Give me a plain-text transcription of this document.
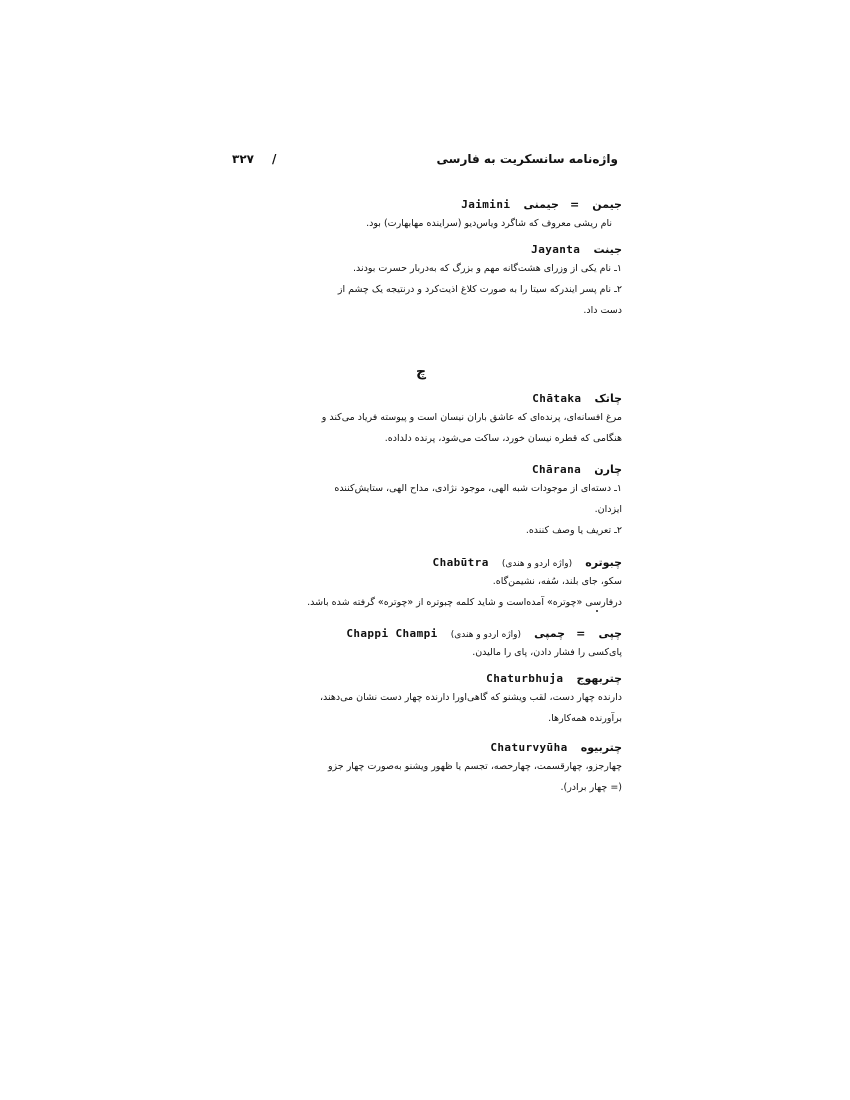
واژه‌نامه سانسکریت به فارسی
/
۳۲۷
جیمن = جیمنی Jaimini
نام ریشی معروف که شاگرد ویاس‌دیو (سراینده مهابهارت) بود.
جینت Jayanta
۱ـ نام یکی از وزرای هشت‌گانه مهم و بزرگ که به‌دربار حسرت بودند.
۲ـ نام پسر ایندرکه سیتا را به صورت کلاغ اذیت‌کرد و درنتیجه یک چشم از
دست داد.
چ
چاتک Chātaka
مرغ افسانه‌ای، پرنده‌ای که عاشق باران نیسان است و پیوسته فریاد می‌کند و
هنگامی که قطره نیسان خورد، ساکت می‌شود، پرنده دلداده.
چارن Chārana
۱ـ دسته‌ای از موجودات شبه الهی، موجود نژادی، مداح الهی، ستایش‌کننده
ایزدان.
۲ـ تعریف یا وصف کننده.
چبوتره (واژه اردو و هندی) Chabūtra
سکو، جای بلند، سُفه، نشیمن‌گاه.
درفارسی «چوتره» آمده‌است و شاید کلمه چبوتره از «چوتره» گرفته شده باشد.
چپی = چمپی (واژه اردو و هندی) Chappi Champi
پای‌کسی را فشار دادن، پای را مالیدن.
چتربهوج Chaturbhuja
دارنده چهار دست، لقب ویشنو که گاهی‌اورا دارنده چهار دست نشان می‌دهند،
برآورنده همه‌کارها.
چتربیوه Chaturvyūha
چهارجزو، چهارقسمت، چهارحصه، تجسم یا ظهور ویشنو به‌صورت چهار جزو
(= چهار برادر).
